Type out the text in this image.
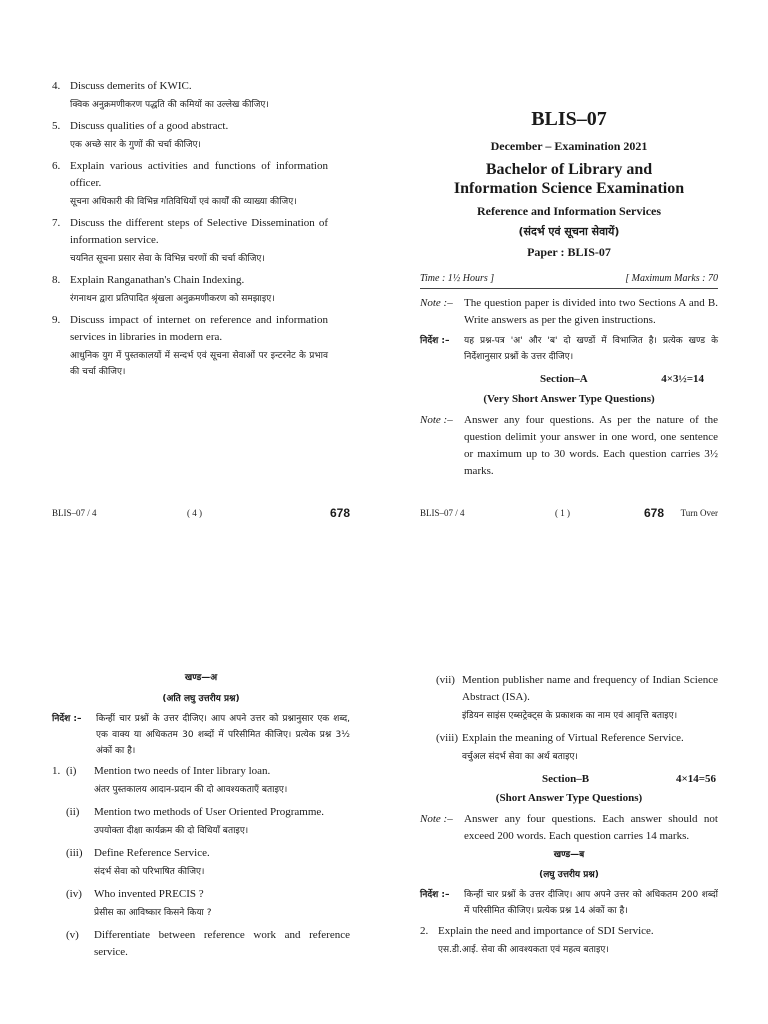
4. Discuss demerits of KWIC.

क्विक अनुक्रमणीकरण पद्धति की कमियों का उल्लेख कीजिए।

5. Discuss qualities of a good abstract.

एक अच्छे सार के गुणों की चर्चा कीजिए।

6. Explain various activities and functions of information officer.

सूचना अधिकारी की विभिन्न गतिविधियों एवं कार्यों की व्याख्या कीजिए।

7. Discuss the different steps of Selective Dissemination of information service.

चयनित सूचना प्रसार सेवा के विभिन्न चरणों की चर्चा कीजिए।

8. Explain Ranganathan's Chain Indexing.

रंगनाथन द्वारा प्रतिपादित श्रृंखला अनुक्रमणीकरण को समझाइए।

9. Discuss impact of internet on reference and information services in libraries in modern era.

आधुनिक युग में पुस्तकालयों में सन्दर्भ एवं सूचना सेवाओं पर इन्टरनेट के प्रभाव की चर्चा कीजिए।
BLIS–07 / 4	( 4 )	678
BLIS–07
December – Examination 2021
Bachelor of Library and
Information Science Examination
Reference and Information Services
(संदर्भ एवं सूचना सेवायें)
Paper : BLIS-07
Time : 1½ Hours ]	[ Maximum Marks : 70

Note :– The question paper is divided into two Sections A and B. Write answers as per the given instructions.

निर्देश :– यह प्रश्न-पत्र 'अ' और 'ब' दो खण्डों में विभाजित है। प्रत्येक खण्ड के निर्देशानुसार प्रश्नों के उत्तर दीजिए।

Section–A	4×3½=14
(Very Short Answer Type Questions)

Note :– Answer any four questions. As per the nature of the question delimit your answer in one word, one sentence or maximum up to 30 words. Each question carries 3½ marks.

BLIS–07 / 4	( 1 )	678 Turn Over
खण्ड—अ
(अति लघु उत्तरीय प्रश्न)

निर्देश :– किन्हीं चार प्रश्नों के उत्तर दीजिए। आप अपने उत्तर को प्रश्नानुसार एक शब्द, एक वाक्य या अधिकतम 30 शब्दों में परिसीमित कीजिए। प्रत्येक प्रश्न 3½ अंकों का है।

1. (i) Mention two needs of Inter library loan.

अंतर पुस्तकालय आदान-प्रदान की दो आवश्यकताएँ बताइए।

(ii) Mention two methods of User Oriented Programme.

उपयोक्ता दीक्षा कार्यक्रम की दो विधियाँ बताइए।

(iii) Define Reference Service.

संदर्भ सेवा को परिभाषित कीजिए।

(iv) Who invented PRECIS ?

प्रेसीस का आविष्कार किसने किया ?

(v) Differentiate between reference work and reference service.

(vii) Mention publisher name and frequency of Indian Science Abstract (ISA).

इंडियन साइंस एब्सट्रेक्ट्स के प्रकाशक का नाम एवं आवृत्ति बताइए।

(viii) Explain the meaning of Virtual Reference Service.

वर्चुअल संदर्भ सेवा का अर्थ बताइए।
Section–B	4×14=56
(Short Answer Type Questions)

Note :– Answer any four questions. Each answer should not exceed 200 words. Each question carries 14 marks.

खण्ड—ब
(लघु उत्तरीय प्रश्न)

निर्देश :– किन्हीं चार प्रश्नों के उत्तर दीजिए। आप अपने उत्तर को अधिकतम 200 शब्दों में परिसीमित कीजिए। प्रत्येक प्रश्न 14 अंकों का है।

2. Explain the need and importance of SDI Service.

एस.डी.आई. सेवा की आवश्यकता एवं महत्व बताइए।
